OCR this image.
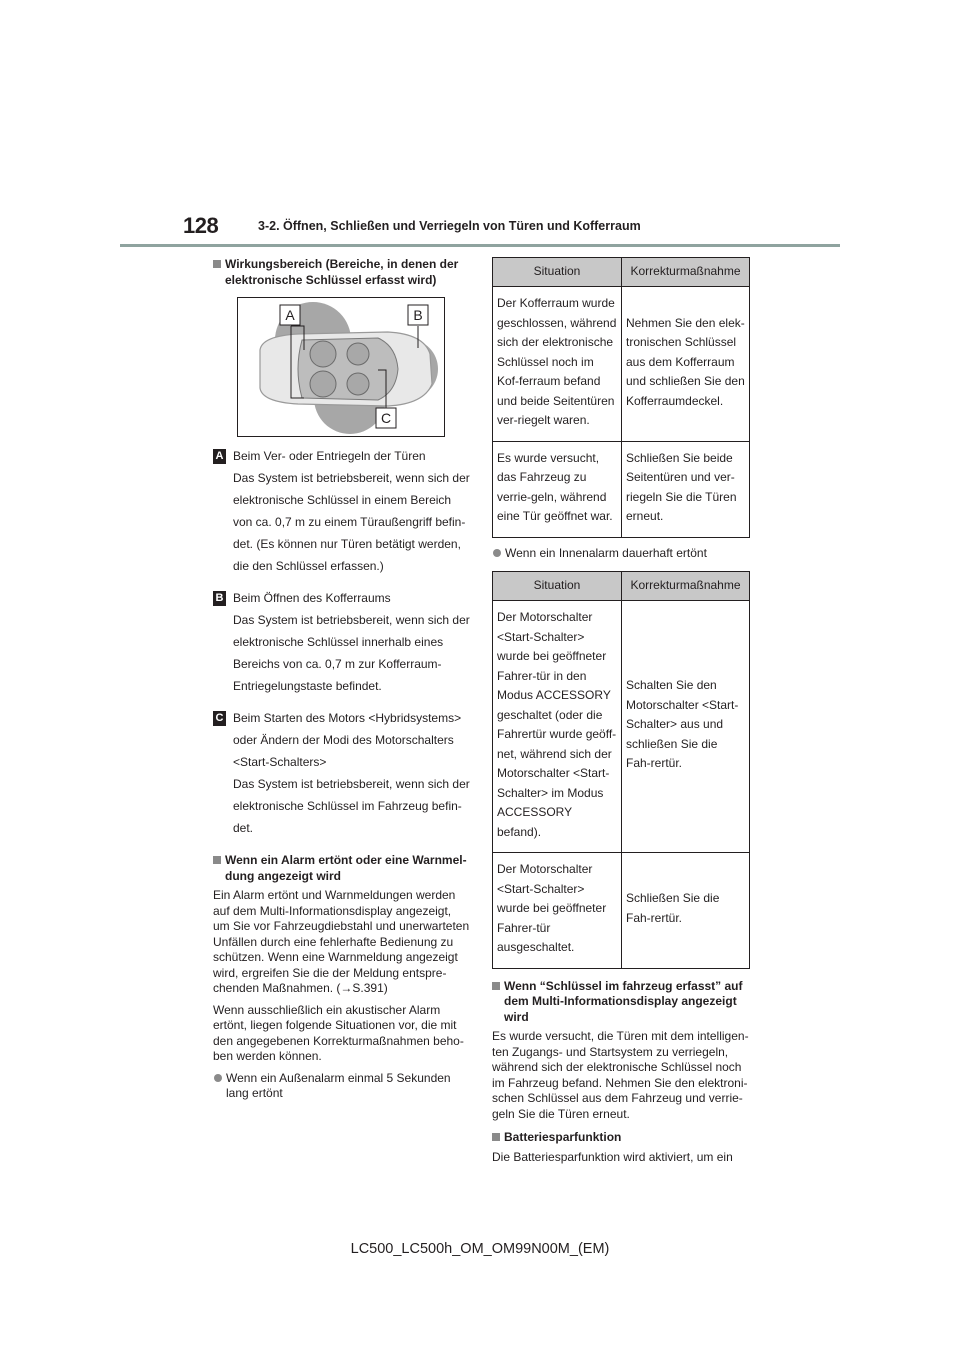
128	3-2. Öffnen, Schließen und Verriegeln von Türen und Kofferraum
Wirkungsbereich (Bereiche, in denen der elektronische Schlüssel erfasst wird)
A	B
C
A Beim Ver- oder Entriegeln der Türen
Das System ist betriebsbereit, wenn sich der
elektronische Schlüssel in einem Bereich
von ca. 0,7 m zu einem Türaußengriff befin-
det. (Es können nur Türen betätigt werden,
die den Schlüssel erfassen.)
B Beim Öffnen des Kofferraums
Das System ist betriebsbereit, wenn sich der
elektronische Schlüssel innerhalb eines
Bereichs von ca. 0,7 m zur Kofferraum-
Entriegelungstaste befindet.
C Beim Starten des Motors <Hybridsystems>
oder Ändern der Modi des Motorschalters
<Start-Schalters>
Das System ist betriebsbereit, wenn sich der
elektronische Schlüssel im Fahrzeug befin-
det.
Wenn ein Alarm ertönt oder eine Warnmel-dung angezeigt wird

Ein Alarm ertönt und Warnmeldungen werden auf dem Multi-Informationsdisplay angezeigt, um Sie vor Fahrzeugdiebstahl und unerwarteten Unfällen durch eine fehlerhafte Bedienung zu schützen. Wenn eine Warnmeldung angezeigt wird, ergreifen Sie die der Meldung entspre-chenden Maßnahmen. (→S.391)

Wenn ausschließlich ein akustischer Alarm ertönt, liegen folgende Situationen vor, die mit den angegebenen Korrekturmaßnahmen beho-ben werden können.

Wenn ein Außenalarm einmal 5 Sekunden lang ertönt
Situation	Korrekturmaßnahme
Der Kofferraum wurde geschlossen, während sich der elektronische Schlüssel noch im Kof-ferraum befand und beide Seitentüren ver-riegelt waren.	Nehmen Sie den elek-tronischen Schlüssel aus dem Kofferraum und schließen Sie den Kofferraumdeckel.
Es wurde versucht, das Fahrzeug zu verrie-geln, während eine Tür geöffnet war.	Schließen Sie beide Seitentüren und ver-riegeln Sie die Türen erneut.
Wenn ein Innenalarm dauerhaft ertönt
Situation	Korrekturmaßnahme
Der Motorschalter <Start-Schalter> wurde bei geöffneter Fahrer-tür in den Modus ACCESSORY geschaltet (oder die Fahrertür wurde geöff-net, während sich der Motorschalter <Start-Schalter> im Modus ACCESSORY befand).	Schalten Sie den Motorschalter <Start-Schalter> aus und schließen Sie die Fah-rertür.
Der Motorschalter <Start-Schalter> wurde bei geöffneter Fahrer-tür ausgeschaltet.	Schließen Sie die Fah-rertür.
Wenn “Schlüssel im fahrzeug erfasst” auf dem Multi-Informationsdisplay angezeigt wird

Es wurde versucht, die Türen mit dem intelligen-ten Zugangs- und Startsystem zu verriegeln, während sich der elektronische Schlüssel noch im Fahrzeug befand. Nehmen Sie den elektroni-schen Schlüssel aus dem Fahrzeug und verrie-geln Sie die Türen erneut.

Batteriesparfunktion

Die Batteriesparfunktion wird aktiviert, um ein

LC500_LC500h_OM_OM99N00M_(EM)
